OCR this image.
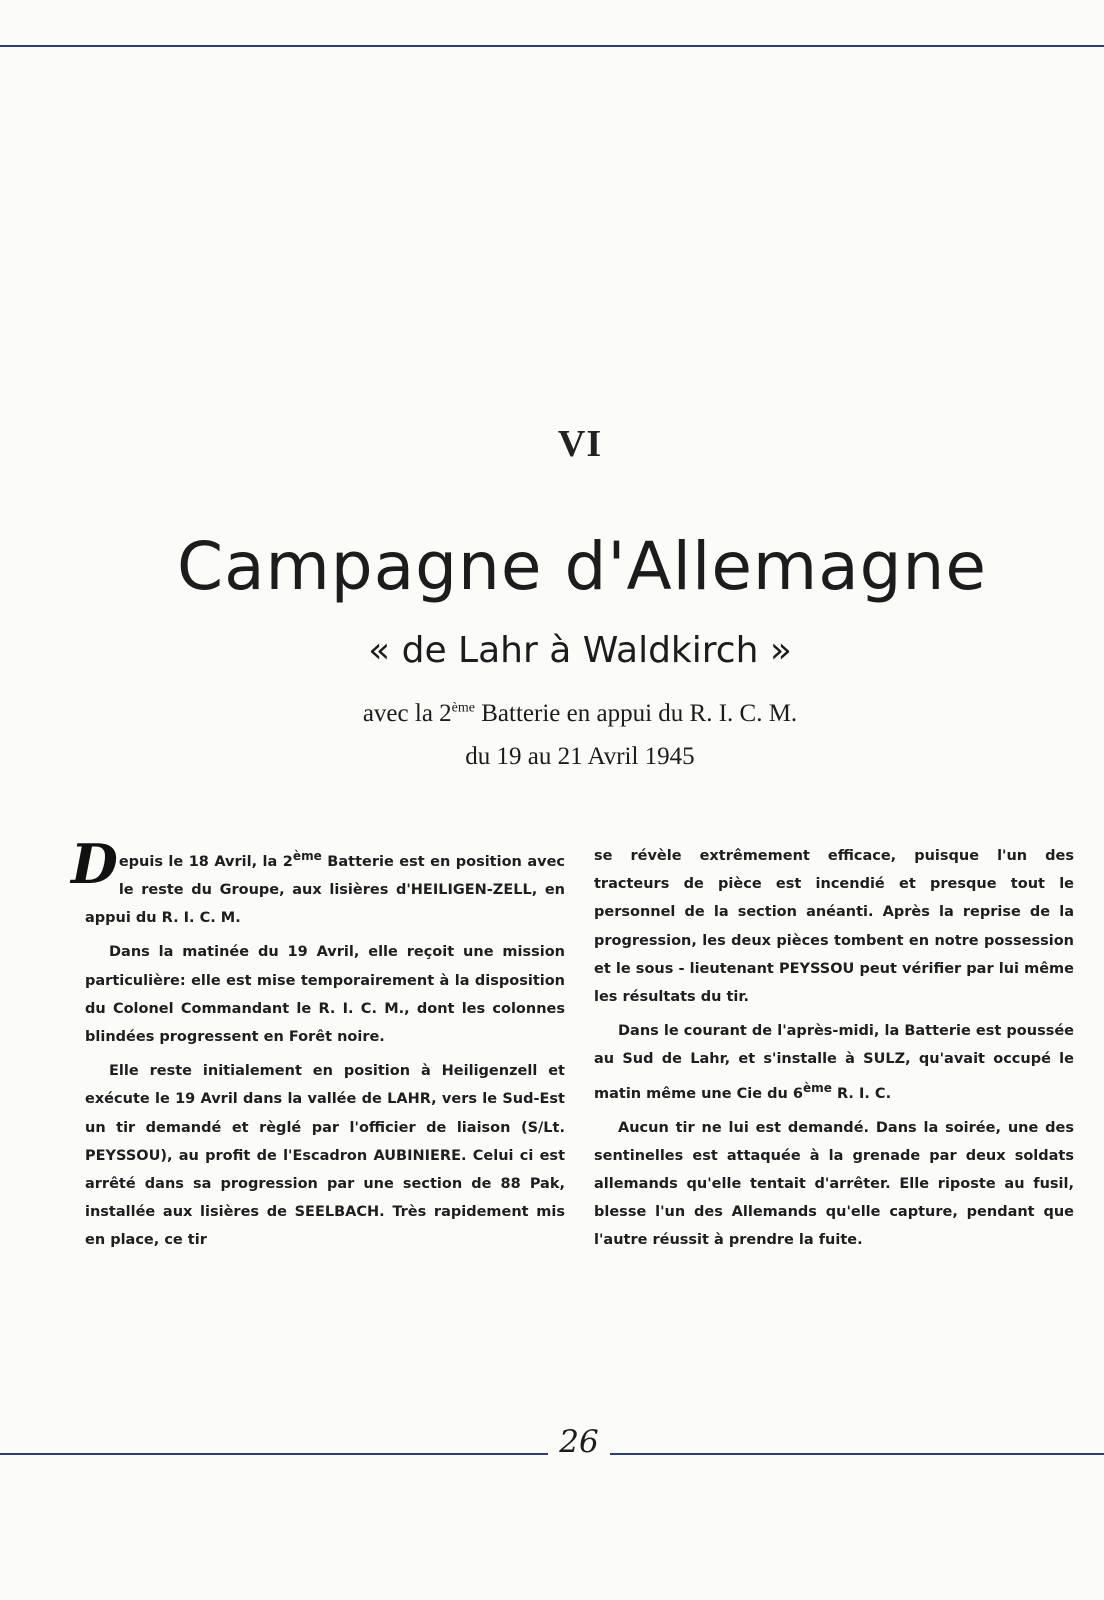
VI
Campagne d'Allemagne
« de Lahr à Waldkirch »
avec la 2ème Batterie en appui du R. I. C. M.
du 19 au 21 Avril 1945

Depuis le 18 Avril, la 2ème Batterie est en position avec le reste du Groupe, aux lisières d'HEILIGEN-ZELL, en appui du R. I. C. M.

Dans la matinée du 19 Avril, elle reçoit une mission particulière: elle est mise temporairement à la disposition du Colonel Commandant le R. I. C. M., dont les colonnes blindées progressent en Forêt noire.

Elle reste initialement en position à Heiligenzell et exécute le 19 Avril dans la vallée de LAHR, vers le Sud-Est un tir demandé et règlé par l'officier de liaison (S/Lt. PEYSSOU), au profit de l'Escadron AUBINIERE. Celui ci est arrêté dans sa progression par une section de 88 Pak, installée aux lisières de SEELBACH. Très rapidement mis en place, ce tir

se révèle extrêmement efficace, puisque l'un des tracteurs de pièce est incendié et presque tout le personnel de la section anéanti. Après la reprise de la progression, les deux pièces tombent en notre possession et le sous - lieutenant PEYSSOU peut vérifier par lui même les résultats du tir.

Dans le courant de l'après-midi, la Batterie est poussée au Sud de Lahr, et s'installe à SULZ, qu'avait occupé le matin même une Cie du 6ème R. I. C.

Aucun tir ne lui est demandé. Dans la soirée, une des sentinelles est attaquée à la grenade par deux soldats allemands qu'elle tentait d'arrêter. Elle riposte au fusil, blesse l'un des Allemands qu'elle capture, pendant que l'autre réussit à prendre la fuite.

26
